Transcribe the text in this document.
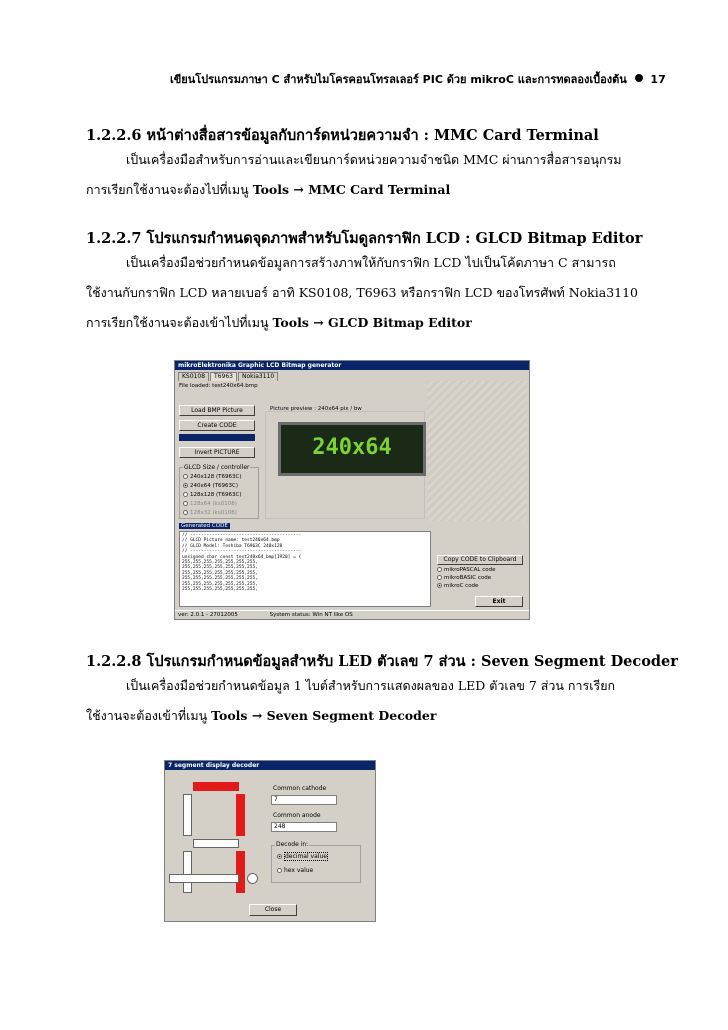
เขียนโปรแกรมภาษา C สำหรับไมโครคอนโทรลเลอร์ PIC ด้วย mikroC และการทดลองเบื้องต้น 17
1.2.2.6 หน้าต่างสื่อสารข้อมูลกับการ์ดหน่วยความจำ : MMC Card Terminal
เป็นเครื่องมือสำหรับการอ่านและเขียนการ์ดหน่วยความจำชนิด MMC ผ่านการสื่อสารอนุกรม
การเรียกใช้งานจะต้องไปที่เมนู Tools → MMC Card Terminal
1.2.2.7 โปรแกรมกำหนดจุดภาพสำหรับโมดูลกราฟิก LCD : GLCD Bitmap Editor
เป็นเครื่องมือช่วยกำหนดข้อมูลการสร้างภาพให้กับกราฟิก LCD ไปเป็นโค้ดภาษา C สามารถ
ใช้งานกับกราฟิก LCD หลายเบอร์ อาทิ KS0108, T6963 หรือกราฟิก LCD ของโทรศัพท์ Nokia3110
การเรียกใช้งานจะต้องเข้าไปที่เมนู Tools → GLCD Bitmap Editor
mikroElektronika Graphic LCD Bitmap generator
KS0108 T6963 Nokia3110
File loaded: test240x64.bmp
Load BMP Picture
Create CODE
Invert PICTURE
GLCD Size / controller
240x128 (T6963C)
240x64 (T6963C)
128x128 (T6963C)
128x64 (ks0108)
128x32 (ks0108)
Picture preview : 240x64 pix / bw
240x64
Generated CODE
// -----------------------------------------
// GLCD Picture name: test240x64.bmp
// GLCD Model: Toshiba T6963C 240x128
// -----------------------------------------
unsigned char const test240x64_bmp[1920] = {
255,255,255,255,255,255,255,
255,255,255,255,255,255,255,
255,255,255,255,255,255,255,
255,255,255,255,255,255,255,
255,255,255,255,255,255,255,
255,255,255,255,255,255,255,
Copy CODE to Clipboard
mikroPASCAL code
mikroBASIC code
mikroC code
Exit
ver: 2.0.1 - 27012005	System status: Win NT like OS
1.2.2.8 โปรแกรมกำหนดข้อมูลสำหรับ LED ตัวเลข 7 ส่วน : Seven Segment Decoder
เป็นเครื่องมือช่วยกำหนดข้อมูล 1 ไบต์สำหรับการแสดงผลของ LED ตัวเลข 7 ส่วน การเรียก
ใช้งานจะต้องเข้าที่เมนู Tools → Seven Segment Decoder
7 segment display decoder
Common cathode
7
Common anode
248
Decode in:
decimal value
hex value
Close
